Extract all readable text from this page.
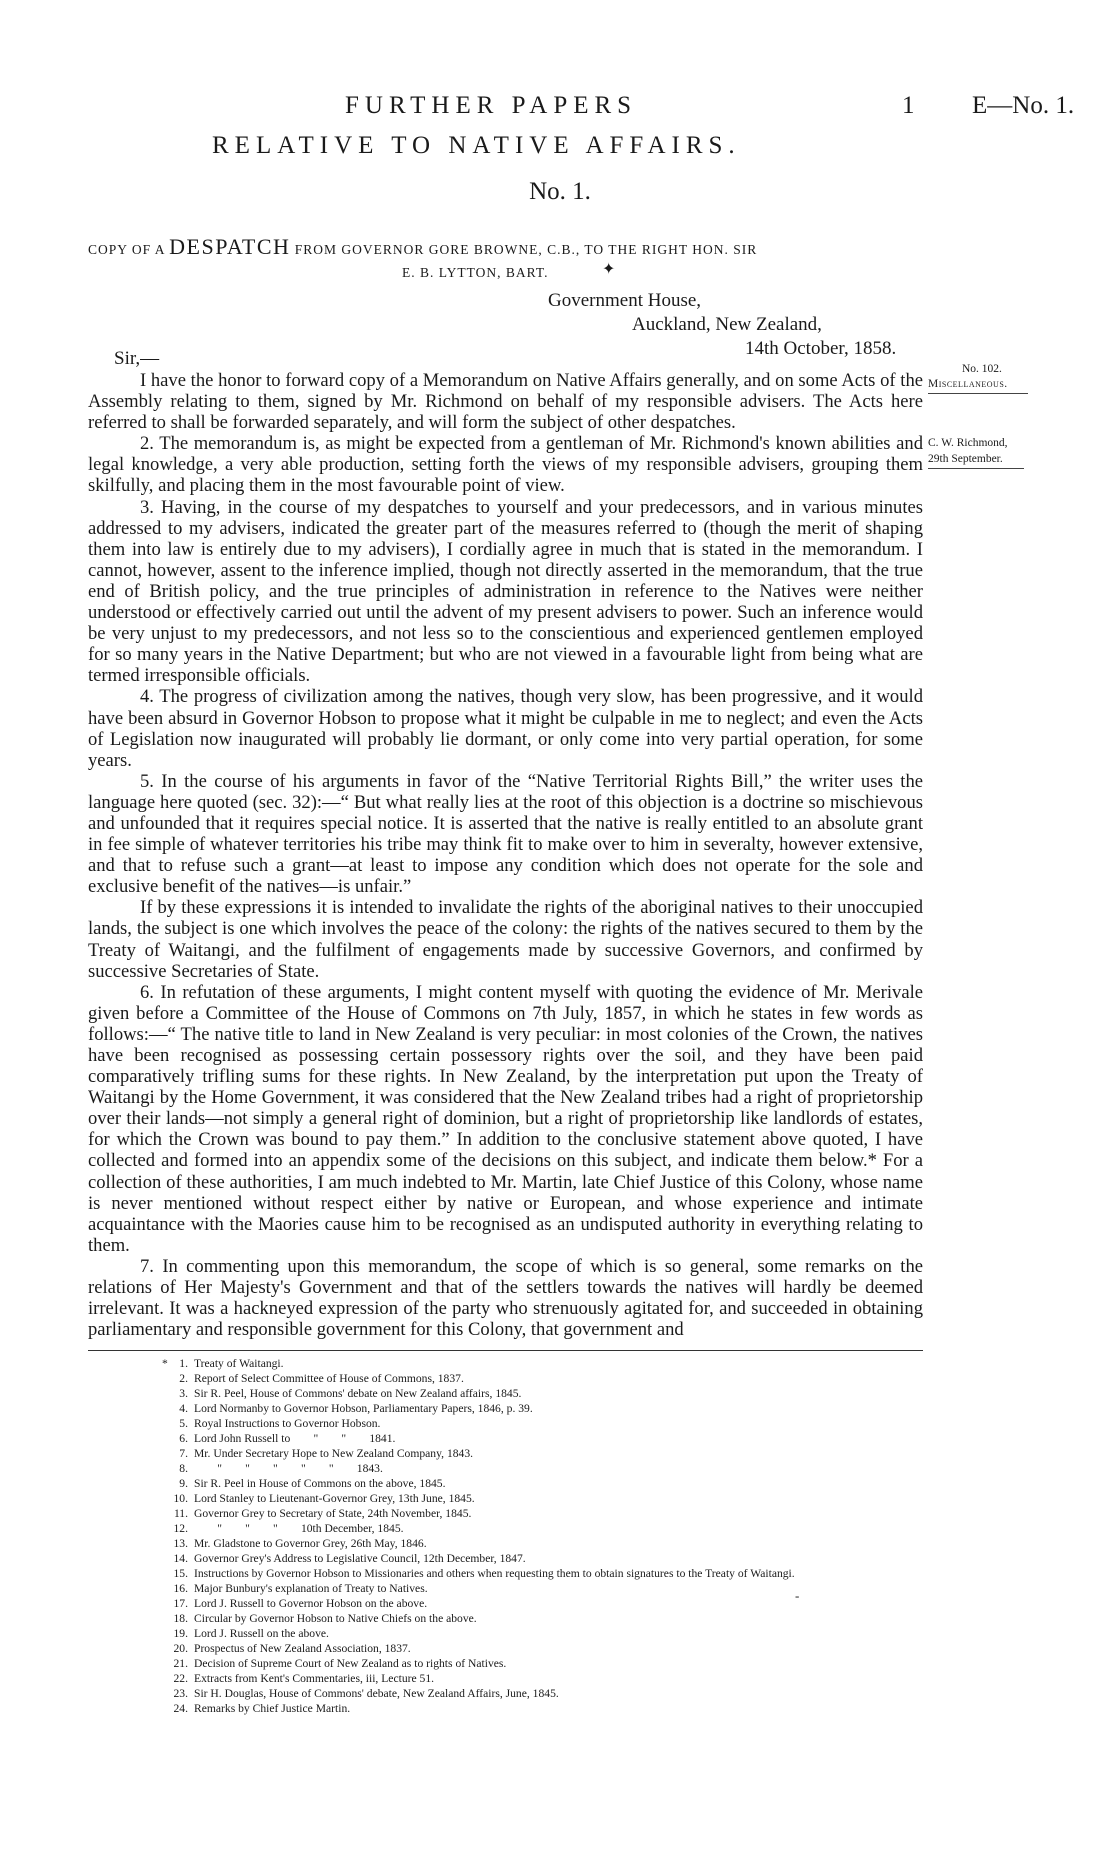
FURTHER PAPERS	1 E—No. 1.
RELATIVE TO NATIVE AFFAIRS.
No. 1.
COPY OF A DESPATCH FROM GOVERNOR GORE BROWNE, C.B., TO THE RIGHT HON. SIR
E. B. LYTTON, BART.	✦
Government House,
Auckland, New Zealand,
14th October, 1858.
Sir,—

I have the honor to forward copy of a Memorandum on Native Affairs generally, and on some Acts of the Assembly relating to them, signed by Mr. Richmond on behalf of my responsible advisers. The Acts here referred to shall be forwarded separately, and will form the subject of other despatches.

2. The memorandum is, as might be expected from a gentleman of Mr. Richmond's known abilities and legal knowledge, a very able production, setting forth the views of my responsible advisers, grouping them skilfully, and placing them in the most favourable point of view.

3. Having, in the course of my despatches to yourself and your predecessors, and in various minutes addressed to my advisers, indicated the greater part of the measures referred to (though the merit of shaping them into law is entirely due to my advisers), I cordially agree in much that is stated in the memorandum. I cannot, however, assent to the inference implied, though not directly asserted in the memorandum, that the true end of British policy, and the true principles of administration in reference to the Natives were neither understood or effectively carried out until the advent of my present advisers to power. Such an inference would be very unjust to my predecessors, and not less so to the conscientious and experienced gentlemen employed for so many years in the Native Department; but who are not viewed in a favourable light from being what are termed irresponsible officials.

4. The progress of civilization among the natives, though very slow, has been progressive, and it would have been absurd in Governor Hobson to propose what it might be culpable in me to neglect; and even the Acts of Legislation now inaugurated will probably lie dormant, or only come into very partial operation, for some years.

5. In the course of his arguments in favor of the “Native Territorial Rights Bill,” the writer uses the language here quoted (sec. 32):—“ But what really lies at the root of this objection is a doctrine so mischievous and unfounded that it requires special notice. It is asserted that the native is really entitled to an absolute grant in fee simple of whatever territories his tribe may think fit to make over to him in severalty, however extensive, and that to refuse such a grant—at least to impose any condition which does not operate for the sole and exclusive benefit of the natives—is unfair.”

If by these expressions it is intended to invalidate the rights of the aboriginal natives to their unoccupied lands, the subject is one which involves the peace of the colony: the rights of the natives secured to them by the Treaty of Waitangi, and the fulfilment of engagements made by successive Governors, and confirmed by successive Secretaries of State.

6. In refutation of these arguments, I might content myself with quoting the evidence of Mr. Merivale given before a Committee of the House of Commons on 7th July, 1857, in which he states in few words as follows:—“ The native title to land in New Zealand is very peculiar: in most colonies of the Crown, the natives have been recognised as possessing certain possessory rights over the soil, and they have been paid comparatively trifling sums for these rights. In New Zealand, by the interpretation put upon the Treaty of Waitangi by the Home Government, it was considered that the New Zealand tribes had a right of proprietorship over their lands—not simply a general right of dominion, but a right of proprietorship like landlords of estates, for which the Crown was bound to pay them.” In addition to the conclusive statement above quoted, I have collected and formed into an appendix some of the decisions on this subject, and indicate them below.* For a collection of these authorities, I am much indebted to Mr. Martin, late Chief Justice of this Colony, whose name is never mentioned without respect either by native or European, and whose experience and intimate acquaintance with the Maories cause him to be recognised as an undisputed authority in everything relating to them.

7. In commenting upon this memorandum, the scope of which is so general, some remarks on the relations of Her Majesty's Government and that of the settlers towards the natives will hardly be deemed irrelevant. It was a hackneyed expression of the party who strenuously agitated for, and succeeded in obtaining parliamentary and responsible government for this Colony, that government and

No. 102.
Miscellaneous.
C. W. Richmond,
29th September.
* 1. Treaty of Waitangi.
2. Report of Select Committee of House of Commons, 1837.
3. Sir R. Peel, House of Commons' debate on New Zealand affairs, 1845.
4. Lord Normanby to Governor Hobson, Parliamentary Papers, 1846, p. 39.
5. Royal Instructions to Governor Hobson.
6. Lord John Russell to        "        "        1841.
7. Mr. Under Secretary Hope to New Zealand Company, 1843.
8. "        "        "        "        "        1843.
9. Sir R. Peel in House of Commons on the above, 1845.
10. Lord Stanley to Lieutenant-Governor Grey, 13th June, 1845.
11. Governor Grey to Secretary of State, 24th November, 1845.
12. "        "        "        10th December, 1845.
13. Mr. Gladstone to Governor Grey, 26th May, 1846.
14. Governor Grey's Address to Legislative Council, 12th December, 1847.
15. Instructions by Governor Hobson to Missionaries and others when requesting them to obtain signatures to the Treaty of Waitangi.
16. Major Bunbury's explanation of Treaty to Natives.
17. Lord J. Russell to Governor Hobson on the above.
18. Circular by Governor Hobson to Native Chiefs on the above.
19. Lord J. Russell on the above.
20. Prospectus of New Zealand Association, 1837.
21. Decision of Supreme Court of New Zealand as to rights of Natives.
22. Extracts from Kent's Commentaries, iii, Lecture 51.
23. Sir H. Douglas, House of Commons' debate, New Zealand Affairs, June, 1845.
24. Remarks by Chief Justice Martin.
-
